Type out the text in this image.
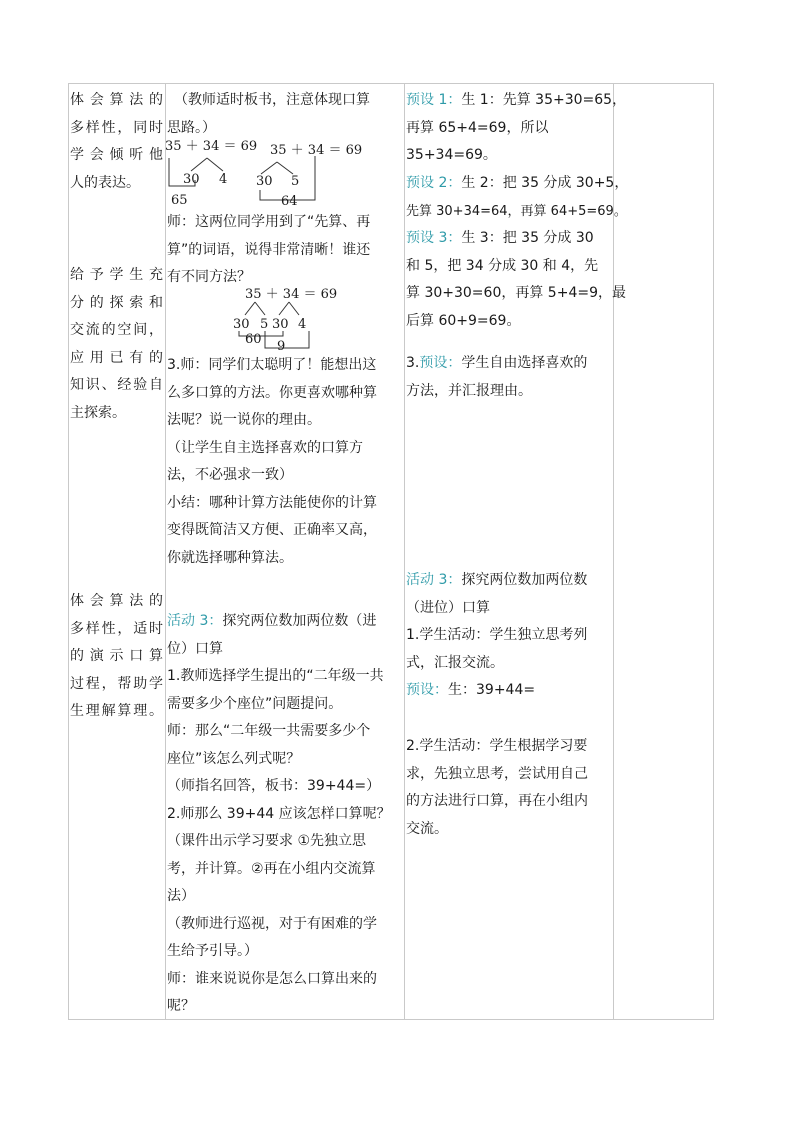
体会算法的
多样性，同时
学会倾听他
人的表达。
给予学生充
分的探索和
交流的空间，
应用已有的
知识、经验自
主探索。
体会算法的
多样性，适时
的演示口算
过程，帮助学
生理解算理。
　（教师适时板书，注意体现口算
思路。）
35 ＋ 34 ＝ 69 35 ＋ 34 ＝ 69
30 4
65
30 5
64
师：这两位同学用到了“先算、再
算”的词语，说得非常清晰！谁还
有不同方法？
35 ＋ 34 ＝ 69
30 5 30 4
60 9
3.师：同学们太聪明了！能想出这
么多口算的方法。你更喜欢哪种算
法呢？说一说你的理由。
（让学生自主选择喜欢的口算方
法，不必强求一致）
小结：哪种计算方法能使你的计算
变得既简洁又方便、正确率又高，
你就选择哪种算法。
活动 3：探究两位数加两位数（进
位）口算
1.教师选择学生提出的“二年级一共
需要多少个座位”问题提问。
师：那么“二年级一共需要多少个
座位”该怎么列式呢？
（师指名回答，板书：39+44=）
2.师那么 39+44 应该怎样口算呢？
（课件出示学习要求 ①先独立思
考，并计算。②再在小组内交流算
法）
（教师进行巡视，对于有困难的学
生给予引导。）
师：谁来说说你是怎么口算出来的
呢？
预设 1：生 1：先算 35+30=65，
再算 65+4=69，所以
35+34=69。
预设 2：生 2：把 35 分成 30+5，
先算 30+34=64，再算 64+5=69。
预设 3：生 3：把 35 分成 30
和 5，把 34 分成 30 和 4，先
算 30+30=60，再算 5+4=9，最
后算 60+9=69。
3.预设：学生自由选择喜欢的
方法，并汇报理由。
活动 3：探究两位数加两位数
（进位）口算
1.学生活动：学生独立思考列
式，汇报交流。
预设：生：39+44=
2.学生活动：学生根据学习要
求，先独立思考，尝试用自己
的方法进行口算，再在小组内
交流。
